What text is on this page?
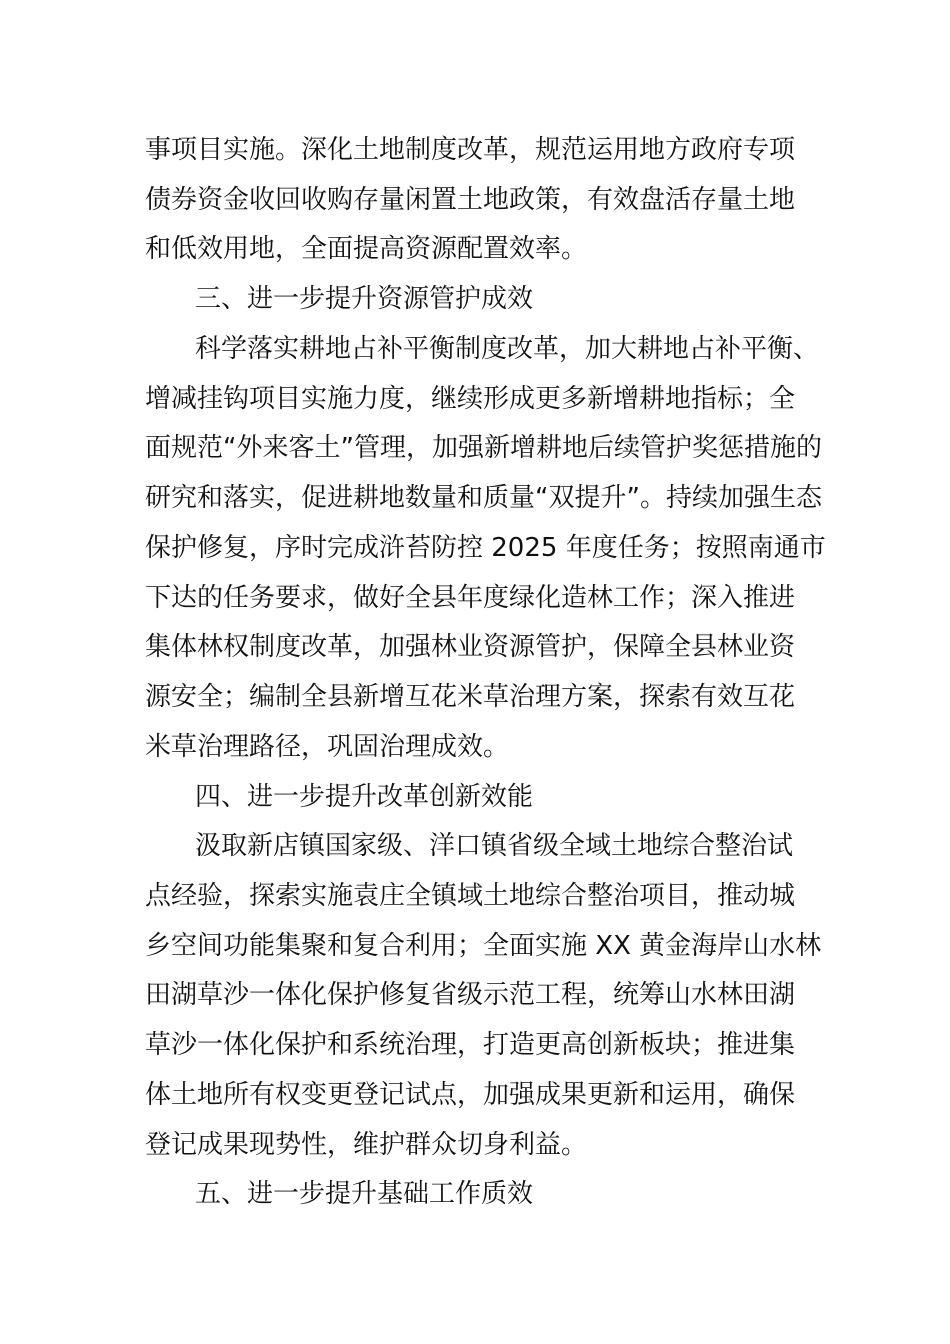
事项目实施。深化土地制度改革，规范运用地方政府专项
债券资金收回收购存量闲置土地政策，有效盘活存量土地
和低效用地，全面提高资源配置效率。
三、进一步提升资源管护成效
科学落实耕地占补平衡制度改革，加大耕地占补平衡、
增减挂钩项目实施力度，继续形成更多新增耕地指标；全
面规范“外来客土”管理，加强新增耕地后续管护奖惩措施的
研究和落实，促进耕地数量和质量“双提升”。持续加强生态
保护修复，序时完成浒苔防控 2025 年度任务；按照南通市
下达的任务要求，做好全县年度绿化造林工作；深入推进
集体林权制度改革，加强林业资源管护，保障全县林业资
源安全；编制全县新增互花米草治理方案，探索有效互花
米草治理路径，巩固治理成效。
四、进一步提升改革创新效能
汲取新店镇国家级、洋口镇省级全域土地综合整治试
点经验，探索实施袁庄全镇域土地综合整治项目，推动城
乡空间功能集聚和复合利用；全面实施 XX 黄金海岸山水林
田湖草沙一体化保护修复省级示范工程，统筹山水林田湖
草沙一体化保护和系统治理，打造更高创新板块；推进集
体土地所有权变更登记试点，加强成果更新和运用，确保
登记成果现势性，维护群众切身利益。
五、进一步提升基础工作质效
